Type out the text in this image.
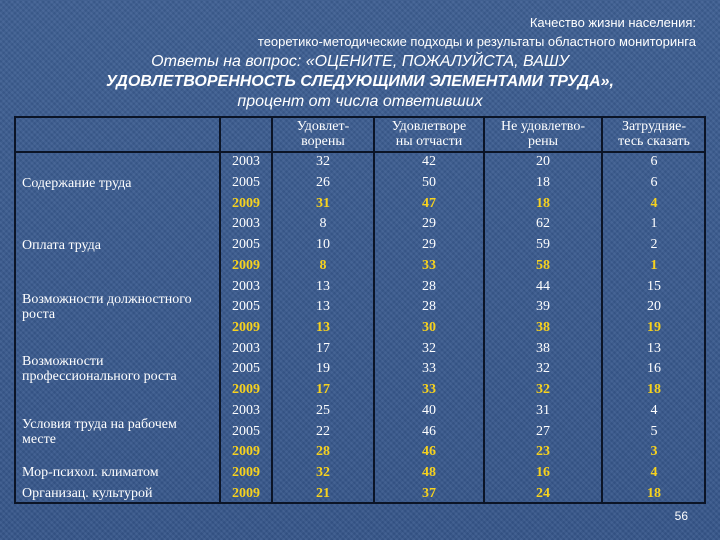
Качество жизни населения:
теоретико-методические подходы и результаты областного мониторинга
Ответы на вопрос: «ОЦЕНИТЕ, ПОЖАЛУЙСТА, ВАШУ
УДОВЛЕТВОРЕННОСТЬ СЛЕДУЮЩИМИ ЭЛЕМЕНТАМИ ТРУДА»,
процент от числа ответивших
Удовлет-
ворены
Удовлетворе
ны отчасти
Не удовлетво-
рены
Затрудняе-
тесь сказать
Содержание труда
2003	32	42	20	6
2005	26	50	18	6
2009	31	47	18	4
Оплата труда
2003	8	29	62	1
2005	10	29	59	2
2009	8	33	58	1
Возможности должностного роста
2003	13	28	44	15
2005	13	28	39	20
2009	13	30	38	19
Возможности профессионального роста
2003	17	32	38	13
2005	19	33	32	16
2009	17	33	32	18
Условия труда на рабочем месте
2003	25	40	31	4
2005	22	46	27	5
2009	28	46	23	3
Мор-психол. климатом	2009	32	48	16	4
Организац. культурой	2009	21	37	24	18
56
